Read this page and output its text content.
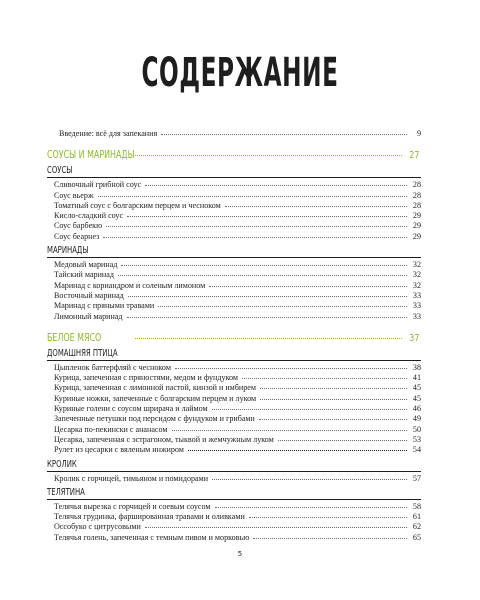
СОДЕРЖАНИЕ
Введение: всё для запекания	9
СОУСЫ И МАРИНАДЫ	27
СОУСЫ
Сливочный грибной соус	28
Соус вьерж	28
Томатный соус с болгарским перцем и чесноком	28
Кисло-сладкий соус	29
Соус барбекю	29
Соус беарнез	29
МАРИНАДЫ
Медовый маринад	32
Тайский маринад	32
Маринад с кориандром и соленым лимоном	32
Восточный маринад	33
Маринад с пряными травами	33
Лимонный маринад	33
БЕЛОЕ МЯСО	37
ДОМАШНЯЯ ПТИЦА
Цыпленок баттерфляй с чесноком	38
Курица, запеченная с пряностями, медом и фундуком	41
Курица, запеченная с лимонной пастой, кинзой и имбирем	45
Куриные ножки, запеченные с болгарским перцем и луком	45
Куриные голени с соусом шрирача и лаймом	46
Запеченные петушки под персидом с фундуком и грибами	49
Цесарка по-пекински с ананасом	50
Цесарка, запеченная с эстрагоном, тыквой и жемчужным луком	53
Рулет из цесарки с вяленым инжиром	54
КРОЛИК
Кролик с горчицей, тимьяном и помидорами	57
ТЕЛЯТИНА
Телячья вырезка с горчицей и соевым соусом	58
Телячья грудинка, фаршированная травами и оливками	61
Оссобуко с цитрусовыми	62
Телячья голень, запеченная с темным пивом и морковью	65
5
